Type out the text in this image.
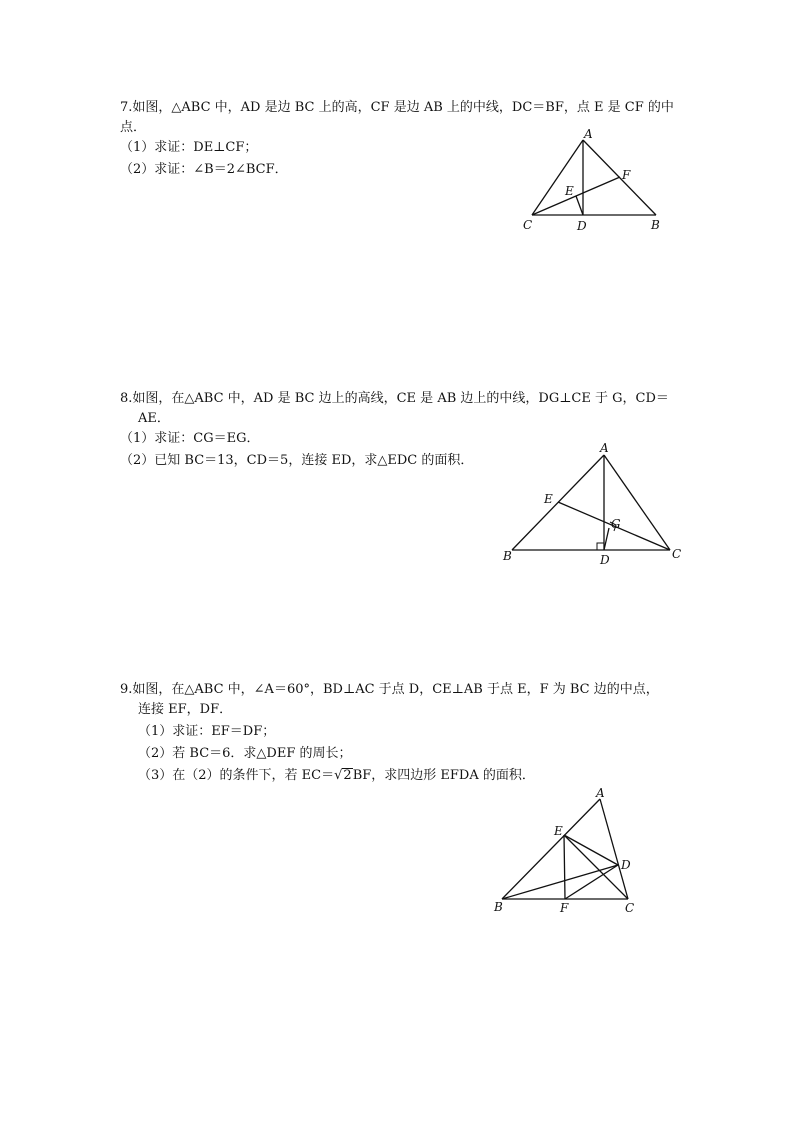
7.如图，△ABC 中，AD 是边 BC 上的高，CF 是边 AB 上的中线，DC＝BF，点 E 是 CF 的中
点．
（1）求证：DE⊥CF；
（2）求证：∠B＝2∠BCF．
A
F
E
C	D	B
8.如图，在△ABC 中，AD 是 BC 边上的高线，CE 是 AB 边上的中线，DG⊥CE 于 G，CD＝
AE．
（1）求证：CG＝EG．
（2）已知 BC＝13，CD＝5，连接 ED，求△EDC 的面积．
A
E
G
B	D	C
9.如图，在△ABC 中，∠A＝60°，BD⊥AC 于点 D，CE⊥AB 于点 E，F 为 BC 边的中点，
连接 EF，DF．
（1）求证：EF＝DF；
（2）若 BC＝6．求△DEF 的周长；
（3）在（2）的条件下，若 EC＝√2BF，求四边形 EFDA 的面积．
A
E
D
B	F	C
